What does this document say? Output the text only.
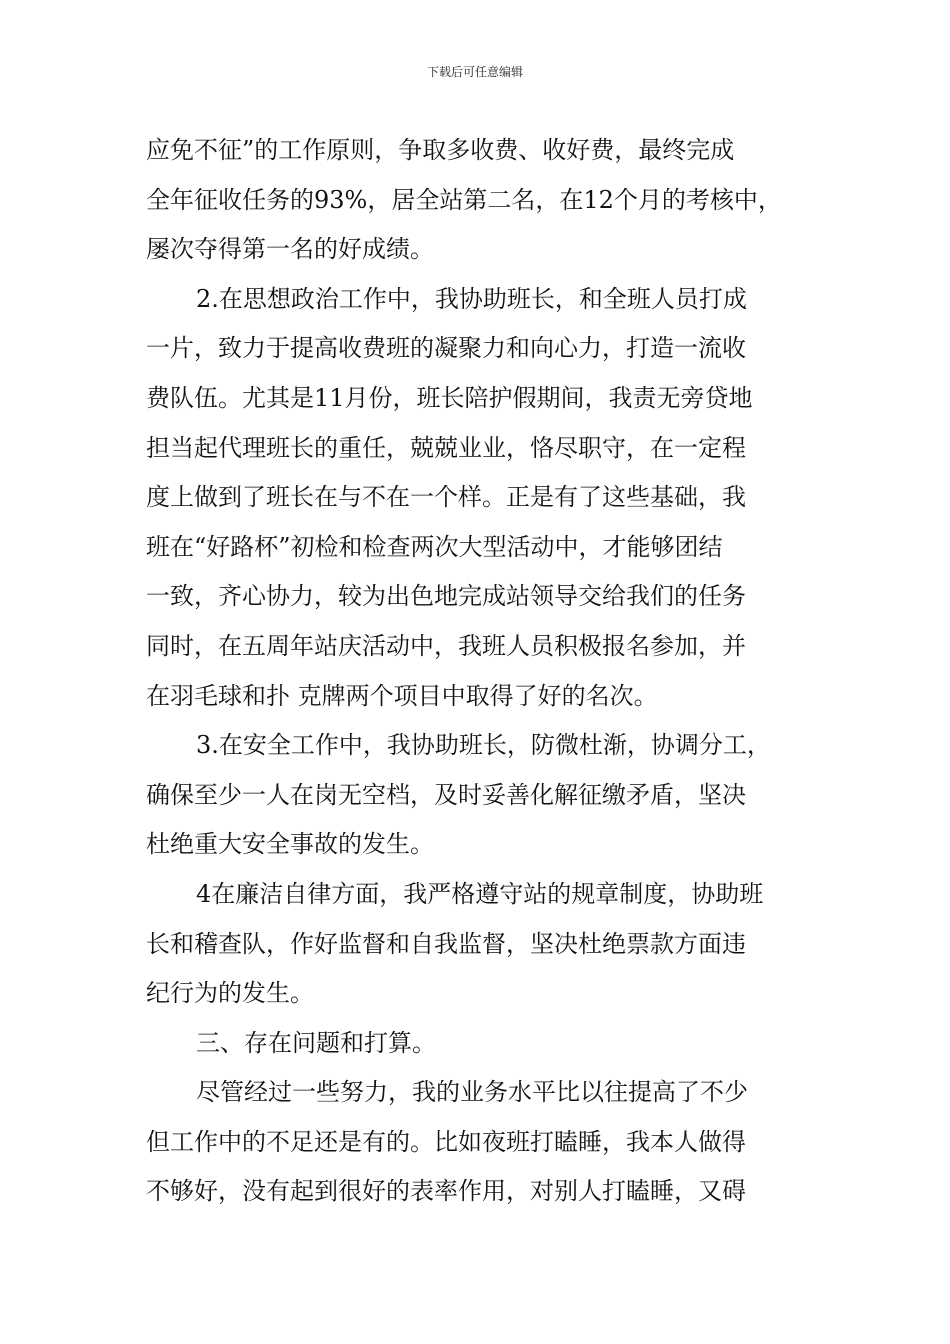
下载后可任意编辑
应免不征”的工作原则，争取多收费、收好费，最终完成
全年征收任务的93%，居全站第二名，在12个月的考核中，
屡次夺得第一名的好成绩。
2.在思想政治工作中，我协助班长，和全班人员打成
一片，致力于提高收费班的凝聚力和向心力，打造一流收
费队伍。尤其是11月份，班长陪护假期间，我责无旁贷地
担当起代理班长的重任，兢兢业业，恪尽职守，在一定程
度上做到了班长在与不在一个样。正是有了这些基础，我
班在“好路杯”初检和检查两次大型活动中，才能够团结
一致，齐心协力，较为出色地完成站领导交给我们的任务
同时，在五周年站庆活动中，我班人员积极报名参加，并
在羽毛球和扑 克牌两个项目中取得了好的名次。
3.在安全工作中，我协助班长，防微杜渐，协调分工，
确保至少一人在岗无空档，及时妥善化解征缴矛盾，坚决
杜绝重大安全事故的发生。
4在廉洁自律方面，我严格遵守站的规章制度，协助班
长和稽查队，作好监督和自我监督，坚决杜绝票款方面违
纪行为的发生。
三、存在问题和打算。
尽管经过一些努力，我的业务水平比以往提高了不少
但工作中的不足还是有的。比如夜班打瞌睡，我本人做得
不够好，没有起到很好的表率作用，对别人打瞌睡，又碍
